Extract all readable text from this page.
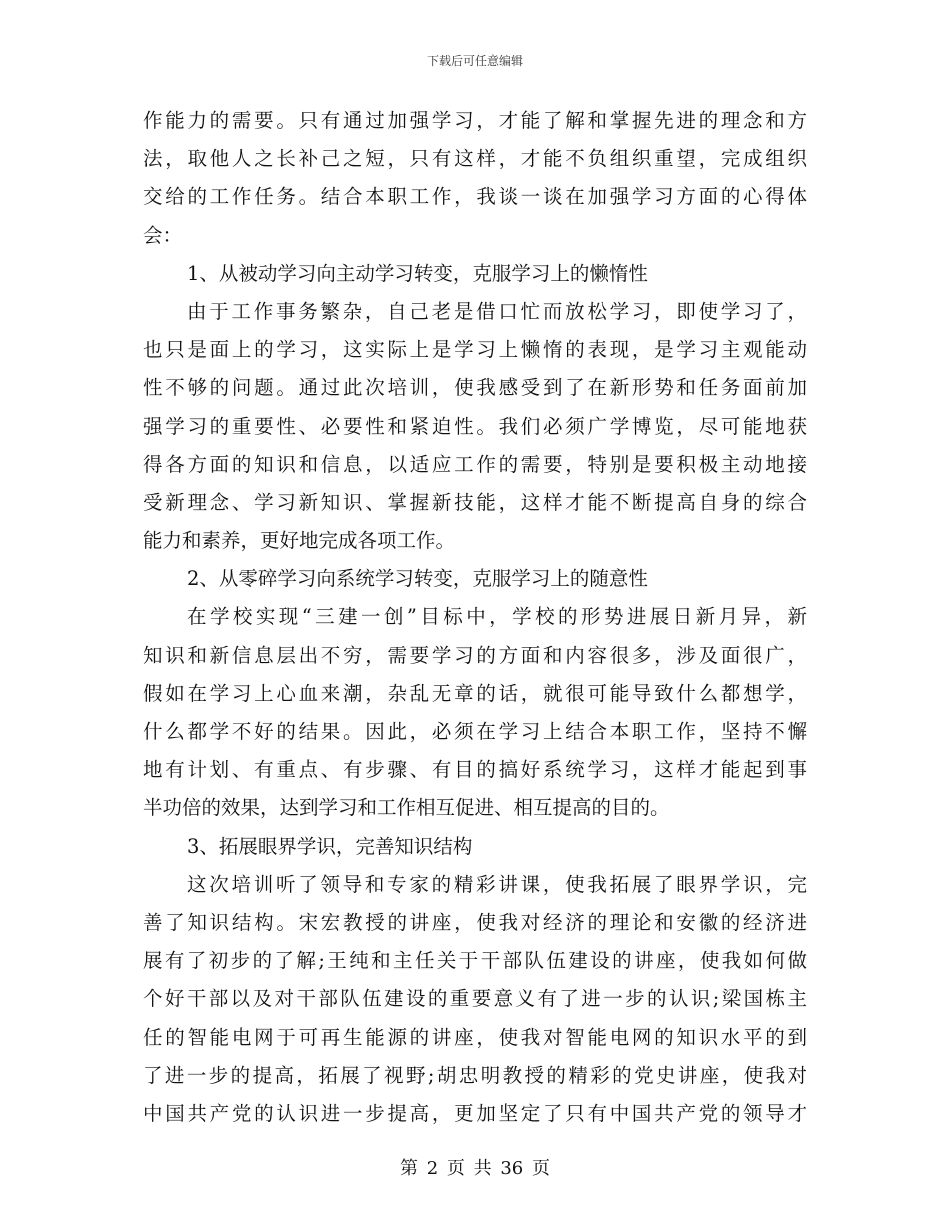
下载后可任意编辑
作能力的需要。只有通过加强学习，才能了解和掌握先进的理念和方
法，取他人之长补己之短，只有这样，才能不负组织重望，完成组织
交给的工作任务。结合本职工作，我谈一谈在加强学习方面的心得体
会：
1、从被动学习向主动学习转变，克服学习上的懒惰性
由于工作事务繁杂，自己老是借口忙而放松学习，即使学习了，
也只是面上的学习，这实际上是学习上懒惰的表现，是学习主观能动
性不够的问题。通过此次培训，使我感受到了在新形势和任务面前加
强学习的重要性、必要性和紧迫性。我们必须广学博览，尽可能地获
得各方面的知识和信息，以适应工作的需要，特别是要积极主动地接
受新理念、学习新知识、掌握新技能，这样才能不断提高自身的综合
能力和素养，更好地完成各项工作。
2、从零碎学习向系统学习转变，克服学习上的随意性
在学校实现“三建一创”目标中，学校的形势进展日新月异，新
知识和新信息层出不穷，需要学习的方面和内容很多，涉及面很广，
假如在学习上心血来潮，杂乱无章的话，就很可能导致什么都想学，
什么都学不好的结果。因此，必须在学习上结合本职工作，坚持不懈
地有计划、有重点、有步骤、有目的搞好系统学习，这样才能起到事
半功倍的效果，达到学习和工作相互促进、相互提高的目的。
3、拓展眼界学识，完善知识结构
这次培训听了领导和专家的精彩讲课，使我拓展了眼界学识，完
善了知识结构。宋宏教授的讲座，使我对经济的理论和安徽的经济进
展有了初步的了解;王纯和主任关于干部队伍建设的讲座，使我如何做
个好干部以及对干部队伍建设的重要意义有了进一步的认识;梁国栋主
任的智能电网于可再生能源的讲座，使我对智能电网的知识水平的到
了进一步的提高，拓展了视野;胡忠明教授的精彩的党史讲座，使我对
中国共产党的认识进一步提高，更加坚定了只有中国共产党的领导才
第 2 页 共 36 页
